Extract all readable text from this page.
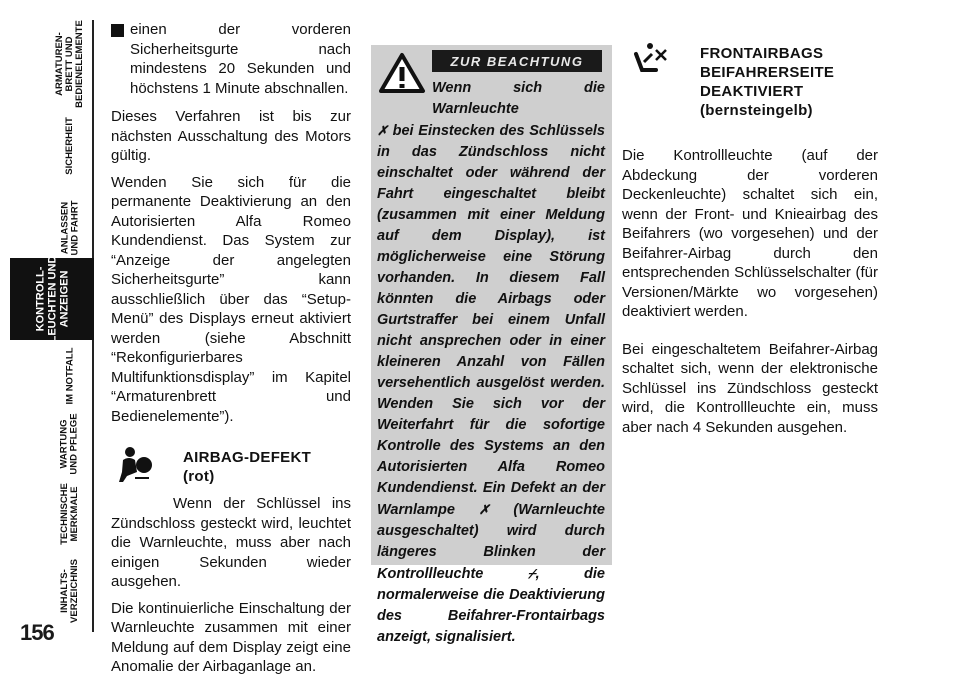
ARMATUREN-
BRETT UND
BEDIENELEMENTE
SICHERHEIT
ANLASSEN
UND FAHRT
KONTROLL-
LEUCHTEN UND
ANZEIGEN
IM NOTFALL
WARTUNG
UND PFLEGE
TECHNISCHE
MERKMALE
INHALTS-
VERZEICHNIS
156
einen der vorderen Sicherheitsgurte nach mindestens 20 Sekunden und höchstens 1 Minute abschnallen.

Dieses Verfahren ist bis zur nächsten Ausschaltung des Motors gültig.

Wenden Sie sich für die permanente Deaktivierung an den Autorisierten Alfa Romeo Kundendienst. Das System zur “Anzeige der angelegten Sicherheitsgurte” kann ausschließlich über das “Setup-Menü” des Displays erneut aktiviert werden (siehe Abschnitt “Rekonfigurierbares Multifunktionsdisplay” im Kapitel “Armaturenbrett und Bedienelemente”).

AIRBAG-DEFEKT
(rot)

Wenn der Schlüssel ins Zündschloss gesteckt wird, leuchtet die Warnleuchte, muss aber nach einigen Sekunden wieder ausgehen.

Die kontinuierliche Einschaltung der Warnleuchte zusammen mit einer Meldung auf dem Display zeigt eine Anomalie der Airbaganlage an.

ZUR BEACHTUNG
Wenn sich die Warnleuchte
✗ bei Einstecken des Schlüssels in das Zündschloss nicht einschaltet oder während der Fahrt eingeschaltet bleibt (zusammen mit einer Meldung auf dem Display), ist möglicherweise eine Störung vorhanden. In diesem Fall könnten die Airbags oder Gurtstraffer bei einem Unfall nicht ansprechen oder in einer kleineren Anzahl von Fällen versehentlich ausgelöst werden. Wenden Sie sich vor der Weiterfahrt für die sofortige Kontrolle des Systems an den Autorisierten Alfa Romeo Kundendienst. Ein Defekt an der Warnlampe ✗ (Warnleuchte ausgeschaltet) wird durch längeres Blinken der Kontrollleuchte	⌿, die normalerweise die Deaktivierung des Beifahrer-Frontairbags anzeigt, signalisiert.
FRONTAIRBAGS
BEIFAHRERSEITE
DEAKTIVIERT
(bernsteingelb)

Die Kontrollleuchte (auf der Abdeckung der vorderen Deckenleuchte) schaltet sich ein, wenn der Front- und Knieairbag des Beifahrers (wo vorgesehen) und der Beifahrer-Airbag durch den entsprechenden Schlüsselschalter (für Versionen/Märkte wo vorgesehen) deaktiviert werden.

Bei eingeschaltetem Beifahrer-Airbag schaltet sich, wenn der elektronische Schlüssel ins Zündschloss gesteckt wird, die Kontrollleuchte ein, muss aber nach 4 Sekunden ausgehen.
